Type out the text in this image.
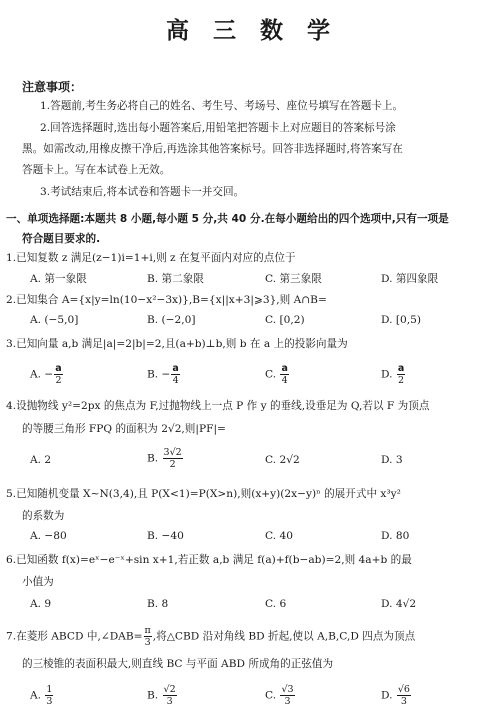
高 三 数 学
注意事项：
1.答题前,考生务必将自己的姓名、考生号、考场号、座位号填写在答题卡上。
2.回答选择题时,选出每小题答案后,用铅笔把答题卡上对应题目的答案标号涂
黑。如需改动,用橡皮擦干净后,再选涂其他答案标号。回答非选择题时,将答案写在
答题卡上。写在本试卷上无效。
3.考试结束后,将本试卷和答题卡一并交回。
一、单项选择题:本题共 8 小题,每小题 5 分,共 40 分.在每小题给出的四个选项中,只有一项是
符合题目要求的.
1.已知复数 z 满足(z−1)i=1+i,则 z 在复平面内对应的点位于
A. 第一象限	B. 第二象限	C. 第三象限	D. 第四象限
2.已知集合 A={x|y=ln(10−x²−3x)},B={x||x+3|⩾3},则 A∩B=
A. (−5,0]	B. (−2,0]	C. [0,2)	D. [0,5)
3.已知向量 a,b 满足|a|=2|b|=2,且(a+b)⊥b,则 b 在 a 上的投影向量为
A. − $\frac{a}{2}$	B. − $\frac{a}{4}$	C. $\frac{a}{4}$	D. $\frac{a}{2}$
4.设抛物线 y²=2px 的焦点为 F,过抛物线上一点 P 作 y 的垂线,设垂足为 Q,若以 F 为顶点
的等腰三角形 FPQ 的面积为 2√2,则|PF|=
A. 2	B. $\frac{3√2}{2}$	C. 2√2	D. 3
5.已知随机变量 X∼N(3,4),且 P(X<1)=P(X>n),则(x+y)(2x−y)ⁿ 的展开式中 x³y²
的系数为
A. −80	B. −40	C. 40	D. 80
6.已知函数 f(x)=eˣ−e⁻ˣ+sin x+1,若正数 a,b 满足 f(a)+f(b−ab)=2,则 4a+b 的最
小值为
A. 9	B. 8	C. 6	D. 4√2
7.在菱形 ABCD 中,∠DAB= $\frac{\pi}{3}$ ,将△CBD 沿对角线 BD 折起,使以 A,B,C,D 四点为顶点
的三棱锥的表面积最大,则直线 BC 与平面 ABD 所成角的正弦值为
A. $\frac{1}{3}$	B. $\frac{√2}{3}$	C. $\frac{√3}{3}$	D. $\frac{√6}{3}$
